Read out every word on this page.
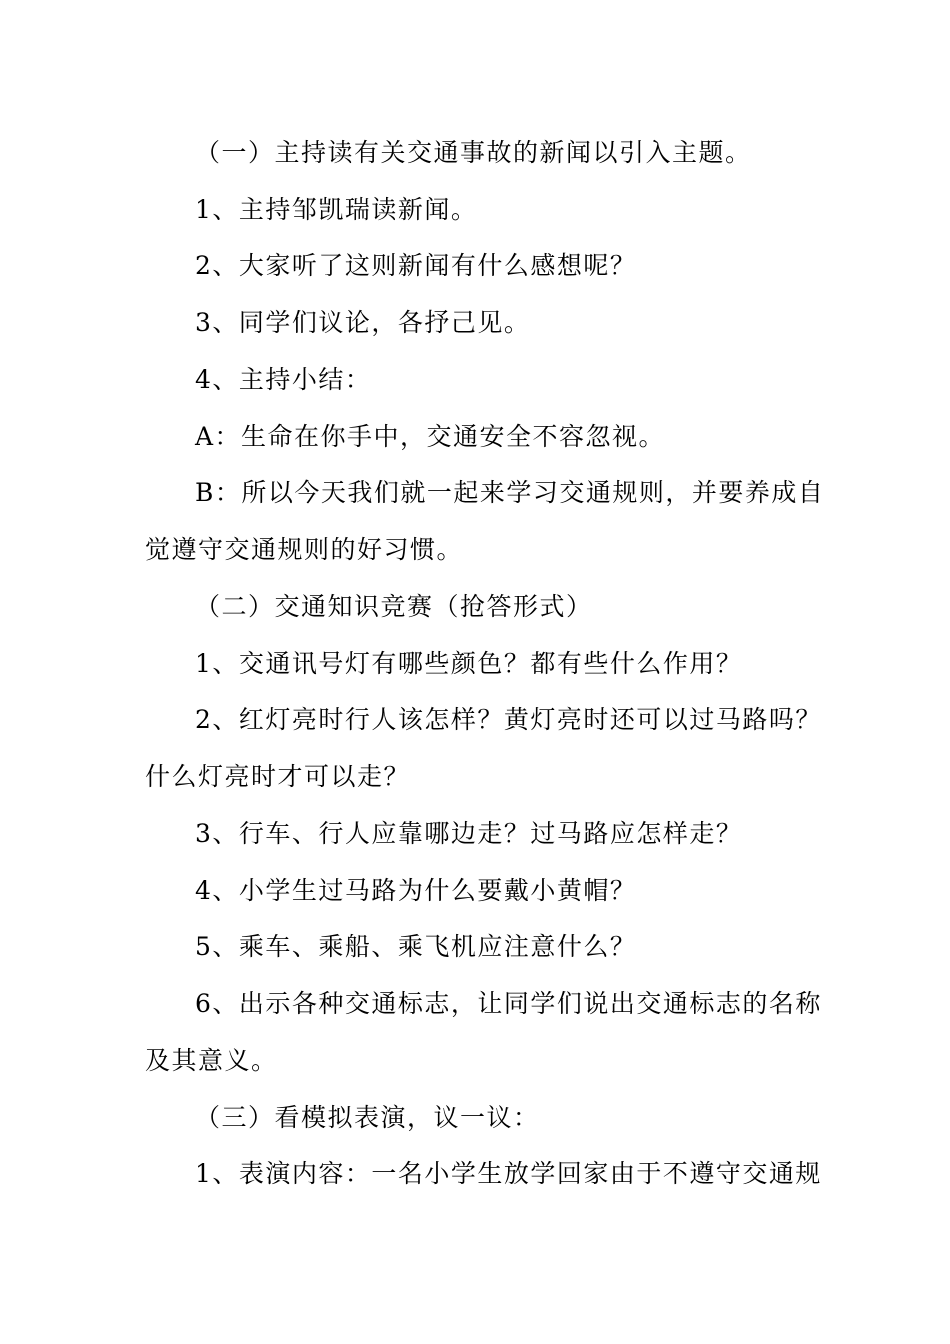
（一）主持读有关交通事故的新闻以引入主题。
1、主持邹凯瑞读新闻。
2、大家听了这则新闻有什么感想呢？
3、同学们议论，各抒己见。
4、主持小结：
A：生命在你手中，交通安全不容忽视。
B：所以今天我们就一起来学习交通规则，并要养成自
觉遵守交通规则的好习惯。
（二）交通知识竞赛（抢答形式）
1、交通讯号灯有哪些颜色？都有些什么作用？
2、红灯亮时行人该怎样？黄灯亮时还可以过马路吗？
什么灯亮时才可以走？
3、行车、行人应靠哪边走？过马路应怎样走？
4、小学生过马路为什么要戴小黄帽？
5、乘车、乘船、乘飞机应注意什么？
6、出示各种交通标志，让同学们说出交通标志的名称
及其意义。
（三）看模拟表演，议一议：
1、表演内容：一名小学生放学回家由于不遵守交通规
